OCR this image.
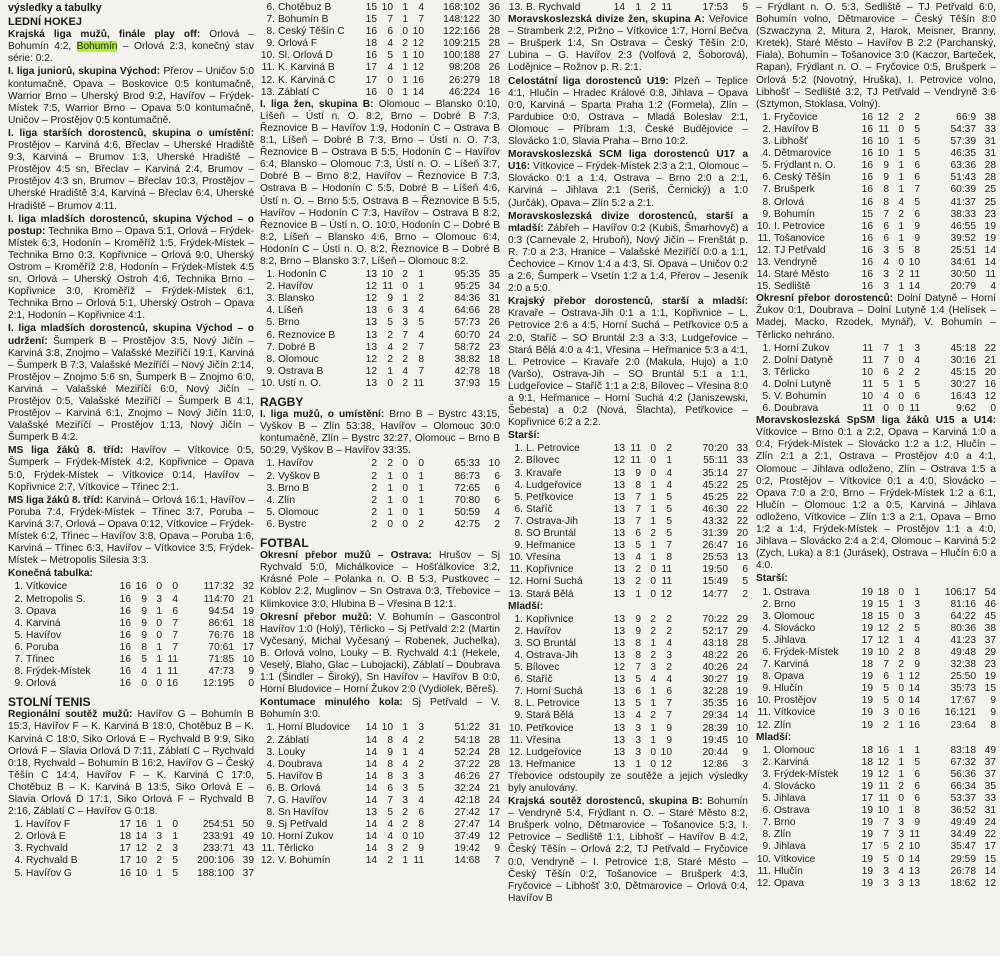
výsledky a tabulky
LEDNÍ HOKEJ
Krajská liga mužů, finále play off: Orlová – Bohumín 4:2, Bohumín – Orlová 2:3, konečný stav série: 0:2.
I. liga juniorů, skupina Východ: Přerov – Uničov 5:0 kontumačně, Opava – Boskovice 0:5 kontumačně, Warrior Brno – Uherský Brod 9:2, Havířov – Frýdek-Místek 7:5, Warrior Brno – Opava 5:0 kontumačně, Uničov – Prostějov 0:5 kontumačně.
I. liga starších dorostenců, skupina o umístění: Prostějov – Karviná 4:6, Břeclav – Uherské Hradiště 9:3, Karviná – Brumov 1:3, Uherské Hradiště – Prostějov 4:5 sn, Břeclav – Karviná 2:4, Brumov – Prostějov 4:3 sn, Brumov – Břeclav 10:3, Prostějov – Uherské Hradiště 3:4, Karviná – Břeclav 6:4, Uherské Hradiště – Brumov 4:11.
I. liga mladších dorostenců, skupina Východ – o postup: Technika Brno – Opava 5:1, Orlová – Frýdek-Místek 6:3, Hodonín – Kroměříž 1:5, Frýdek-Místek – Technika Brno 0:3, Kopřivnice – Orlová 9:0, Uherský Ostrom – Kroměříž 2:8, Hodonín – Frýdek-Místek 4:5 sn, Orlová – Uherský Ostroh 4:6, Technika Brno – Kopřivnice 3:0, Kroměříž – Frýdek-Místek 6:1, Technika Brno – Orlová 5:1, Uherský Ostroh – Opava 2:1, Hodonín – Kopřivnice 4:1.
I. liga mladších dorostenců, skupina Východ – o udržení: Šumperk B – Prostějov 3:5, Nový Jičín – Karviná 3:8, Znojmo – Valašské Meziříčí 19:1, Karviná – Šumperk B 7:3, Valašské Meziříčí – Nový Jičín 2:14, Prostějov – Znojmo 5:6 sn, Šumperk B – Znojmo 6:0, Karviná – Valašské Meziříčí 6:0, Nový Jičín – Prostějov 0:5, Valašské Meziříčí – Šumperk B 4:1, Prostějov – Karviná 6:1, Znojmo – Nový Jičín 11:0, Valašské Meziříčí – Prostějov 1:13, Nový Jičín – Šumperk B 4:2.
MS liga žáků 8. tříd: Havířov – Vítkovice 0:5, Šumperk – Frýdek-Místek 4:2, Kopřivnice – Opava 5:0, Frýdek-Místek – Vítkovice 0:14, Havířov – Kopřivnice 2:7, Vítkovice – Třinec 2:1.
MS liga žáků 8. tříd: Karviná – Orlová 16:1, Havířov – Poruba 7:4, Frýdek-Místek – Třinec 3:7, Poruba – Karviná 3:7, Orlová – Opava 0:12, Vítkovice – Frýdek-Místek 6:2, Třinec – Havířov 3:8, Opava – Poruba 1:6, Karviná – Třinec 6:3, Havířov – Vítkovice 3:5, Frýdek-Místek – Metropolis Silesia 3:3.
Konečná tabulka:
1.	Vítkovice	16	16	0	0	117:32	32
2.	Metropolis S.	16	9	3	4	114:70	21
3.	Opava	16	9	1	6	94:54	19
4.	Karviná	16	9	0	7	86:61	18
5.	Havířov	16	9	0	7	76:76	18
6.	Poruba	16	8	1	7	70:61	17
7.	Třinec	16	5	1	11	71:85	10
8.	Frýdek-Místek	16	4	1	11	47:73	9
9.	Orlová	16	0	0	16	12:195	0
STOLNÍ TENIS
Regionální soutěž mužů: Havířov G – Bohumín B 15:3, Havířov F – K. Karviná B 18:0, Chotěbuz B – K. Karviná C 18:0, Sikо Orlová E – Rychvald B 9:9, Siko Orlová F – Slavia Orlová D 7:11, Záblatí C – Rychvald 0:18, Rychvald – Bohumín B 16:2, Havířov G – Český Těšín C 14:4, Havířov F – K. Karviná C 17:0, Chotěbuz B – K. Karviná B 13:5, Siko Orlová E – Slavia Orlová D 17:1, Siko Orlová F – Rychvald B 2:16, Záblatí C – Havířov G 0:18.
1.	Havířov F	17	16	1	0	254:51	50
2.	Orlová E	18	14	3	1	233:91	49
3.	Rychvald	17	12	2	3	233:71	43
4.	Rychvald B	17	10	2	5	200:106	39
5.	Havířov G	16	10	1	5	188:100	37
6.	Chotěbuz B	15	10	1	4	168:102	36
7.	Bohumín B	15	7	1	7	148:122	30
8.	Český Těšín C	16	6	0	10	122:166	28
9.	Orlová F	18	4	2	12	109:215	28
10.	Sl. Orlová D	16	5	1	10	100:188	27
11.	K. Karviná B	17	4	1	12	98:208	26
12.	K. Karviná C	17	0	1	16	26:279	18
13.	Záblatí C	16	0	1	14	46:224	16
I. liga žen, skupina B: Olomouc – Blansko 0:10, Líšeň – Ústí n. O. 8:2, Brno – Dobré B 7:3, Řeznovice B – Havířov 1:9, Hodonín C – Ostrava B 8:1, Líšeň – Dobré B 7:3, Brno – Ústí n. O. 7:3, Řeznovice B – Ostrava B 5:5, Hodonín C – Havířov 6:4, Blansko – Olomouc 7:3, Ústí n. O. – Líšeň 3:7, Dobré B – Brno 8:2, Havířov – Řeznovice B 7:3, Ostrava B – Hodonín C 5:5, Dobré B – Líšeň 4:6, Ústí n. O. – Brno 5:5, Ostrava B – Řeznovice B 5:5, Havířov – Hodonín C 7:3, Havířov – Ostrava B 8:2, Řeznovice B – Ústí n. O. 10:0, Hodonín C – Dobré B 8:2, Líšeň – Blansko 4:6, Brno – Olomouc 6:4, Hodonín C – Ústí n. O. 8:2, Řeznovice B – Dobré B 8:2, Brno – Blansko 3:7, Líšeň – Olomouc 8:2.
1.	Hodonín C	13	10	2	1	95:35	35
2.	Havířov	12	11	0	1	95:25	34
3.	Blansko	12	9	1	2	84:36	31
4.	Líšeň	13	6	3	4	64:66	28
5.	Brno	13	5	3	5	57:73	26
6.	Řeznovice B	13	2	7	4	60:70	24
7.	Dobré B	13	4	2	7	58:72	23
8.	Olomouc	12	2	2	8	38:82	18
9.	Ostrava B	12	1	4	7	42:78	18
10.	Ústí n. O.	13	0	2	11	37:93	15
RAGBY
I. liga mužů, o umístění: Brno B – Bystrc 43:15, Vyškov B – Zlín 53:38, Havířov – Olomouc 30:0 kontumačně, Zlín – Bystrc 32:27, Olomouc – Brno B 50:29, Vyškov B – Havířov 33:35.
1.	Havířov	2	2	0	0	65:33	10
2.	Vyškov B	2	1	0	1	86:73	6
3.	Brno B	2	1	0	1	72:65	6
4.	Zlín	2	1	0	1	70:80	6
5.	Olomouc	2	1	0	1	50:59	4
6.	Bystrc	2	0	0	2	42:75	2
FOTBAL
Okresní přebor mužů – Ostrava: Hrušov – Sj Rychvald 5:0, Michálkovice – Hošťálkovice 3:2, Krásné Pole – Polanka n. O. B 5:3, Pustkovec – Koblov 2:2, Muglinov – Sn Ostrava 0:3, Třebovice – Klimkovice 3:0, Hlubina B – Vřesina B 12:1.
Okresní přebor mužů: V. Bohumín – Gascontrol Havířov 1:0 (Holý), Těrlicko – Sj Petřvald 2:2 (Martin Vyčesaný, Michal Vyčesaný – Robenek, Juchelka), B. Orlová volno, Louky – B. Rychvald 4:1 (Hekele, Veselý, Blaho, Glac – Lubojacki), Záblatí – Doubrava 1:1 (Šindler – Široký), Sn Havířov – Havířov B 0:0, Horní Bludovice – Horní Žukov 2:0 (Vydiolek, Běreš).
Kontumace minulého kola: Sj Petřvald – V. Bohumín 3:0.
1.	Horní Bludovice	14	10	1	3	51:22	31
2.	Záblatí	14	8	4	2	54:18	28
3.	Louky	14	9	1	4	52:24	28
4.	Doubrava	14	8	4	2	37:22	28
5.	Havířov B	14	8	3	3	46:26	27
6.	B. Orlová	14	6	3	5	32:24	21
7.	G. Havířov	14	7	3	4	42:18	24
8.	Sn Havířov	13	5	2	6	27:42	17
9.	Sj Petřvald	14	4	2	8	27:47	14
10.	Horní Žukov	14	4	0	10	37:49	12
11.	Těrlicko	14	3	2	9	19:42	9
12.	V. Bohumín	14	2	1	11	14:68	7
13.	B. Rychvald	14	1	2	11	17:53	5
Moravskoslezská divize žen, skupina A: Veřovice – Stramberk 2:2, Pržno – Vítkovice 1:7, Horní Bečva – Brušperk 1:4, Sn Ostrava – Český Těšín 2:0, Lubina – G. Havířov 2:3 (Volfová 2, Šoborová), Lodějnice – Rožnov p. R. 2:1.
Celostátní liga dorostenců U19: Plzeň – Teplice 4:1, Hlučín – Hradec Králové 0:8, Jihlava – Opava 0:0, Karviná – Sparta Praha 1:2 (Formela), Zlín – Pardubice 0:0, Ostrava – Mladá Boleslav 2:1, Olomouc – Příbram 1:3, České Budějovice – Slovácko 1:0, Slavia Praha – Brno 10:2.
Moravskoslezská SCM liga dorostenců U17 a U16: Vítkovice – Frýdek-Místek 2:3 a 2:1, Olomouc – Slovácko 0:1 a 1:4, Ostrava – Brno 2:0 a 2:1, Karviná – Jihlava 2:1 (Seriš, Černický) a 1:0 (Jurčák), Opava – Zlín 5:2 a 2:1.
Moravskoslezská divize dorostenců, starší a mladší: Zábřeh – Havířov 0:2 (Kubiš, Šmarhovyč) a 0:3 (Carnevale 2, Hruboň), Nový Jičín – Frenštát p. R. 7:0 a 2:3, Hranice – Valašské Meziříčí 0:0 a 1:1, Čechovice – Krnov 1:4 a 4:3, Sl. Opava – Uničov 0:2 a 2:6, Šumperk – Vsetín 1:2 a 1:4, Přerov – Jeseník 2:0 a 5:0.
Krajský přebor dorostenců, starší a mladší: Kravaře – Ostrava-Jih 0:1 a 1:1, Kopřivnice – L. Petrovice 2:6 a 4:5, Horní Suchá – Petřkovice 0:5 a 2:0, Staříč – SO Bruntál 2:3 a 3:3, Ludgeřovice – Stará Bělá 4:0 a 4:1, Vřesina – Heřmanice 5:3 a 4:1, L. Petrovice – Kravaře 2:0 (Makula, Hujo) a 1:0 (Varšo), Ostrava-Jih – SO Bruntál 5:1 a 1:1, Ludgeřovice – Staříč 1:1 a 2:8, Bílovec – Vřesina 8:0 a 9:1, Heřmanice – Horní Suchá 4:2 (Janiszewski, Šebesta) a 0:2 (Nová, Šlachta), Petřkovice – Kopřivnice 6:2 a 2:2.
Starší:
1.	L. Petrovice	13	11	0	2	70:20	33
2.	Bílovec	12	11	0	1	55:11	33
3.	Kravaře	13	9	0	4	35:14	27
4.	Ludgeřovice	13	8	1	4	45:22	25
5.	Petřkovice	13	7	1	5	45:25	22
6.	Staříč	13	7	1	5	46:30	22
7.	Ostrava-Jih	13	7	1	5	43:32	22
8.	SO Bruntál	13	6	2	5	31:39	20
9.	Heřmanice	13	5	1	7	26:47	16
10.	Vřesina	13	4	1	8	25:53	13
11.	Kopřivnice	13	2	0	11	19:50	6
12.	Horní Suchá	13	2	0	11	15:49	5
13.	Stará Bělá	13	1	0	12	14:77	2
Mladší:
1.	Kopřivnice	13	9	2	2	70:22	29
2.	Havířov	13	9	2	2	52:17	29
3.	SO Bruntál	13	8	1	4	43:18	28
4.	Ostrava-Jih	13	8	2	3	48:22	26
5.	Bílovec	12	7	3	2	40:26	24
6.	Staříč	13	5	4	4	30:27	19
7.	Horní Suchá	13	6	1	6	32:28	19
8.	L. Petrovice	13	5	1	7	35:35	16
9.	Stará Bělá	13	4	2	7	29:34	14
10.	Petřkovice	13	3	1	9	28:39	10
11.	Vřesina	13	3	1	9	19:45	10
12.	Ludgeřovice	13	3	0	10	20:44	9
13.	Heřmanice	13	1	0	12	12:86	3
Třebovice odstoupily ze soutěže a jejich výsledky byly anulovány.
Krajská soutěž dorostenců, skupina B: Bohumín – Vendryně 5:4, Frýdlant n. O. – Staré Město 8:2, Brušperk volno, Dětmarovice – Tošanovice 5:3, I. Petrovice – Sedliště 1:1, Libhošť – Havířov B 4:2, Český Těšín – Orlová 2:2, TJ Petřvald – Fryčovice 0:0, Vendryně – I. Petrovice 1:8, Staré Město – Český Těšín 0:2, Tošanovice – Brušperk 4:3, Fryčovice – Libhošť 3:0, Dětmarovice – Orlová 0:4, Havířov B
– Frýdlant n. O. 5:3, Sedliště – TJ Petřvald 6:0, Bohumín volno, Dětmarovice – Český Těšín 8:0 (Szwaczyna 2, Mitura 2, Harok, Meisner, Branny, Kretek), Staré Město – Havířov B 2:2 (Parchanský, Fiala), Bohumín – Tošanovice 3:0 (Kaczor, Barteček, Rapan), Frýdlant n. O. – Fryčovice 0:5, Brušperk – Orlová 5:2 (Novotný, Hruška), I. Petrovice volno, Libhošť – Sedliště 3:2, TJ Petřvald – Vendryně 3:6 (Sztymon, Stoklasa, Volný).
1.	Fryčovice	16	12	2	2	66:9	38
2.	Havířov B	16	11	0	5	54:37	33
3.	Libhošť	16	10	1	5	57:39	31
4.	Dětmarovice	16	10	1	5	46:35	31
5.	Frýdlant n. O.	16	9	1	6	63:36	28
6.	Český Těšín	16	9	1	6	51:43	28
7.	Brušperk	16	8	1	7	60:39	25
8.	Orlová	16	8	4	5	41:37	25
9.	Bohumín	15	7	2	6	38:33	23
10.	I. Petrovice	16	6	1	9	46:55	19
11.	Tošanovice	16	6	1	9	39:52	19
12.	TJ Petřvald	16	3	5	8	25:51	14
13.	Vendryně	16	4	0	10	34:61	14
14.	Staré Město	16	3	2	11	30:50	11
15.	Sedliště	16	3	1	14	20:79	4
Okresní přebor dorostenců: Dolní Datyně – Horní Žukov 0:1, Doubrava – Dolní Lutyně 1:4 (Helísek – Madej, Macko, Rzodek, Mynář), V. Bohumín – Těrlicko nehráno.
1.	Horní Žukov	11	7	1	3	45:18	22
2.	Dolní Datyně	11	7	0	4	30:16	21
3.	Těrlicko	10	6	2	2	45:15	20
4.	Dolní Lutyně	11	5	1	5	30:27	16
5.	V. Bohumín	10	4	0	6	16:43	12
6.	Doubrava	11	0	0	11	9:62	0
Moravskoslezská SpSM liga žáků U15 a U14: Vítkovice – Brno 0:1 a 2:2, Opava – Karviná 1:0 a 0:4, Frýdek-Místek – Slovácko 1:2 a 1:2, Hlučín – Zlín 2:1 a 2:1, Ostrava – Prostějov 4:0 a 4:1, Olomouc – Jihlava odloženo, Zlín – Ostrava 1:5 a 0:2, Prostějov – Vítkovice 0:1 a 4:0, Slovácko – Opava 7:0 a 2:0, Brno – Frýdek-Místek 1:2 a 6:1, Hlučín – Olomouc 1:2 a 0:5, Karviná – Jihlava odloženo, Vítkovice – Zlín 1:3 a 2:1, Opava – Brno 1:2 a 1:4, Frýdek-Místek – Prostějov 1:1 a 4:0, Jihlava – Slovácko 2:4 a 2:4, Olomouc – Karviná 5:2 (Zych, Luka) a 8:1 (Jurásek), Ostrava – Hlučín 6:0 a 4:0.
Starší:
1.	Ostrava	19	18	0	1	106:17	54
2.	Brno	19	15	1	3	81:16	46
3.	Olomouc	18	15	0	3	64:22	45
4.	Slovácko	19	12	2	5	80:36	38
5.	Jihlava	17	12	1	4	41:23	37
6.	Frýdek-Místek	19	10	2	8	49:48	29
7.	Karviná	18	7	2	9	32:38	23
8.	Opava	19	6	1	12	25:50	19
9.	Hlučín	19	5	0	14	35:73	15
10.	Prostějov	19	5	0	14	17:67	9
11.	Vítkovice	19	3	0	16	16:121	9
12.	Zlín	19	2	1	16	23:64	8
Mladší:
1.	Olomouc	18	16	1	1	83:18	49
2.	Karviná	18	12	1	5	67:32	37
3.	Frýdek-Místek	19	12	1	6	56:36	37
4.	Slovácko	19	11	2	6	66:34	35
5.	Jihlava	17	11	0	6	53:37	33
6.	Ostrava	19	10	1	8	36:52	31
7.	Brno	19	7	3	9	49:49	24
8.	Zlín	19	7	3	11	34:49	22
9.	Jihlava	17	5	2	10	35:47	17
10.	Vítkovice	19	5	0	14	29:59	15
11.	Hlučín	19	3	4	13	26:78	14
12.	Opava	19	3	3	13	18:62	12
